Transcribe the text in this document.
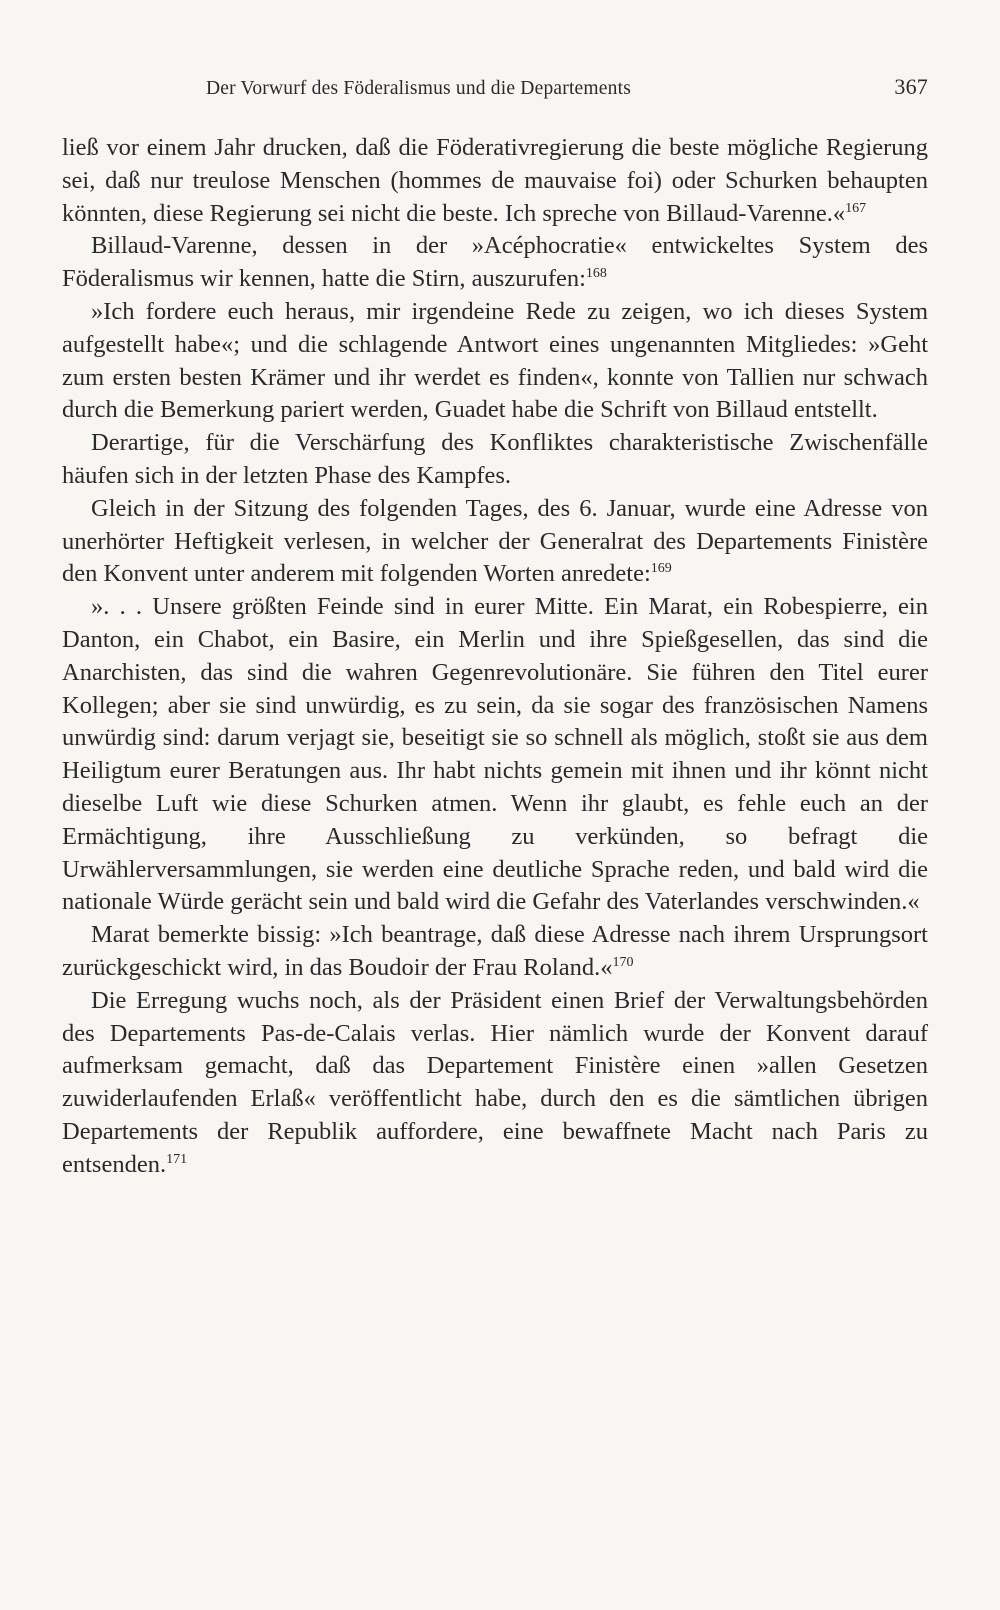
Der Vorwurf des Föderalismus und die Departements	367

ließ vor einem Jahr drucken, daß die Föderativregierung die beste mögliche Regierung sei, daß nur treulose Menschen (hommes de mauvaise foi) oder Schurken behaupten könnten, diese Regierung sei nicht die beste. Ich spreche von Billaud-Varenne.«$^{167}$

Billaud-Varenne, dessen in der »Acéphocratie« entwickeltes System des Föderalismus wir kennen, hatte die Stirn, auszurufen:$^{168}$

»Ich fordere euch heraus, mir irgendeine Rede zu zeigen, wo ich dieses System aufgestellt habe«; und die schlagende Antwort eines ungenannten Mitgliedes: »Geht zum ersten besten Krämer und ihr werdet es finden«, konnte von Tallien nur schwach durch die Bemerkung pariert werden, Guadet habe die Schrift von Billaud entstellt.

Derartige, für die Verschärfung des Konfliktes charakteristische Zwischenfälle häufen sich in der letzten Phase des Kampfes.

Gleich in der Sitzung des folgenden Tages, des 6. Januar, wurde eine Adresse von unerhörter Heftigkeit verlesen, in welcher der Generalrat des Departements Finistère den Konvent unter anderem mit folgenden Worten anredete:$^{169}$

». . . Unsere größten Feinde sind in eurer Mitte. Ein Marat, ein Robespierre, ein Danton, ein Chabot, ein Basire, ein Merlin und ihre Spießgesellen, das sind die Anarchisten, das sind die wahren Gegenrevolutionäre. Sie führen den Titel eurer Kollegen; aber sie sind unwürdig, es zu sein, da sie sogar des französischen Namens unwürdig sind: darum verjagt sie, beseitigt sie so schnell als möglich, stoßt sie aus dem Heiligtum eurer Beratungen aus. Ihr habt nichts gemein mit ihnen und ihr könnt nicht dieselbe Luft wie diese Schurken atmen. Wenn ihr glaubt, es fehle euch an der Ermächtigung, ihre Ausschließung zu verkünden, so befragt die Urwählerversammlungen, sie werden eine deutliche Sprache reden, und bald wird die nationale Würde gerächt sein und bald wird die Gefahr des Vaterlandes verschwinden.«

Marat bemerkte bissig: »Ich beantrage, daß diese Adresse nach ihrem Ursprungsort zurückgeschickt wird, in das Boudoir der Frau Roland.«$^{170}$

Die Erregung wuchs noch, als der Präsident einen Brief der Verwaltungsbehörden des Departements Pas-de-Calais verlas. Hier nämlich wurde der Konvent darauf aufmerksam gemacht, daß das Departement Finistère einen »allen Gesetzen zuwiderlaufenden Erlaß« veröffentlicht habe, durch den es die sämtlichen übrigen Departements der Republik auffordere, eine bewaffnete Macht nach Paris zu entsenden.$^{171}$
